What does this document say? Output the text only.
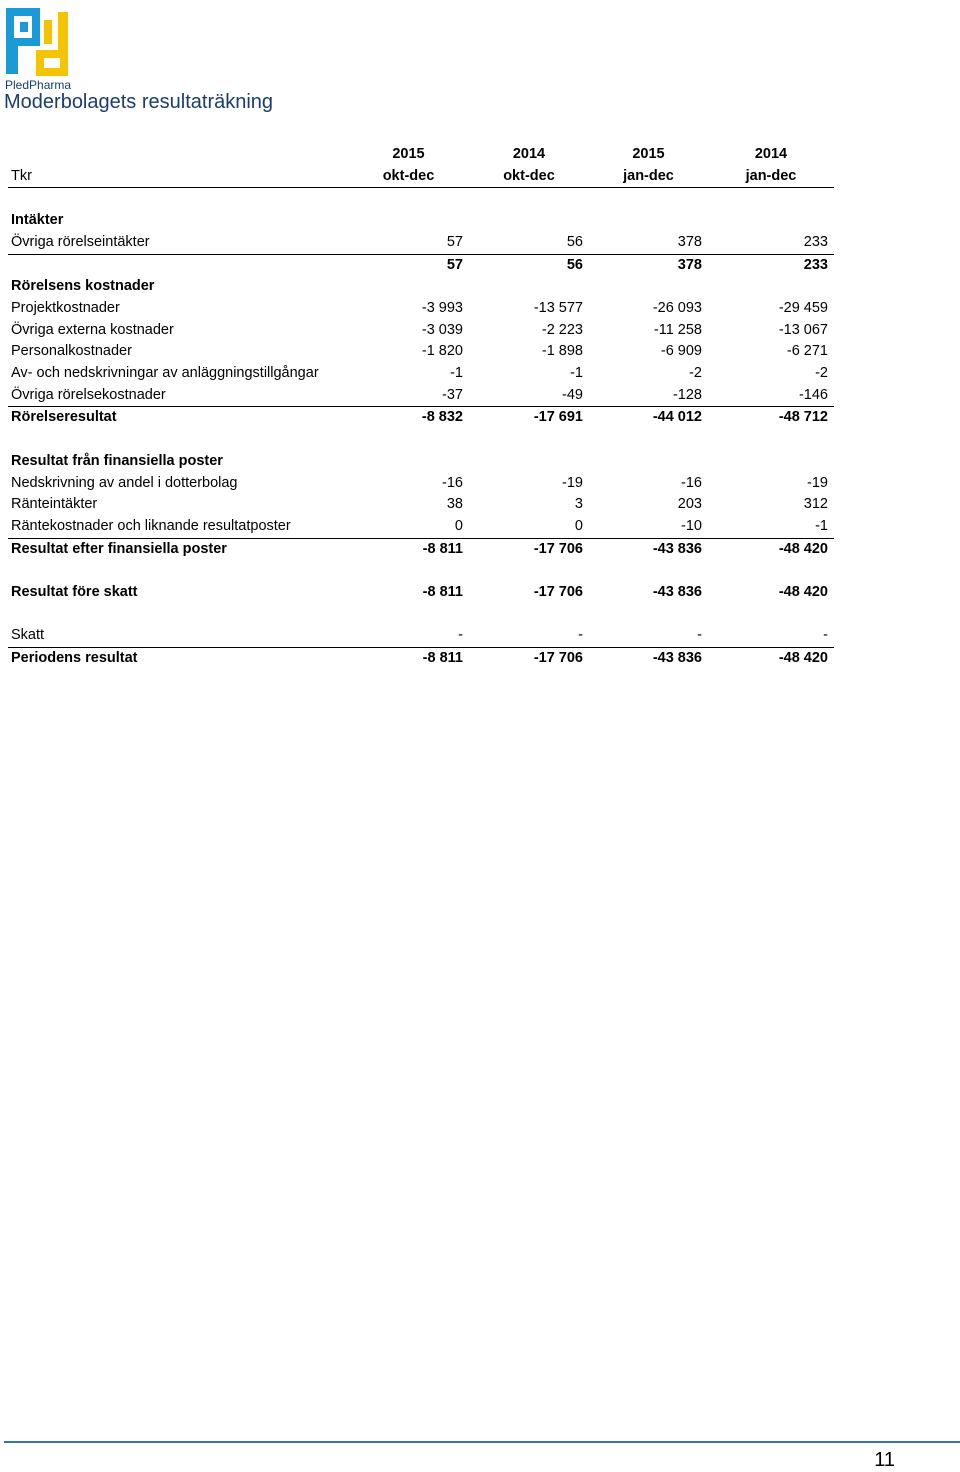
PledPharma
Moderbolagets resultaträkning
	2015	2014	2015	2014
Tkr	okt-dec	okt-dec	jan-dec	jan-dec

Intäkter				
Övriga rörelseintäkter	57	56	378	233
	57	56	378	233
Rörelsens kostnader				
Projektkostnader	-3 993	-13 577	-26 093	-29 459
Övriga externa kostnader	-3 039	-2 223	-11 258	-13 067
Personalkostnader	-1 820	-1 898	-6 909	-6 271
Av- och nedskrivningar av anläggningstillgångar	-1	-1	-2	-2
Övriga rörelsekostnader	-37	-49	-128	-146
Rörelseresultat	-8 832	-17 691	-44 012	-48 712

Resultat från finansiella poster				
Nedskrivning av andel i dotterbolag	-16	-19	-16	-19
Ränteintäkter	38	3	203	312
Räntekostnader och liknande resultatposter	0	0	-10	-1
Resultat efter finansiella poster	-8 811	-17 706	-43 836	-48 420

Resultat före skatt	-8 811	-17 706	-43 836	-48 420

Skatt	-	-	-	-
Periodens resultat	-8 811	-17 706	-43 836	-48 420
11
